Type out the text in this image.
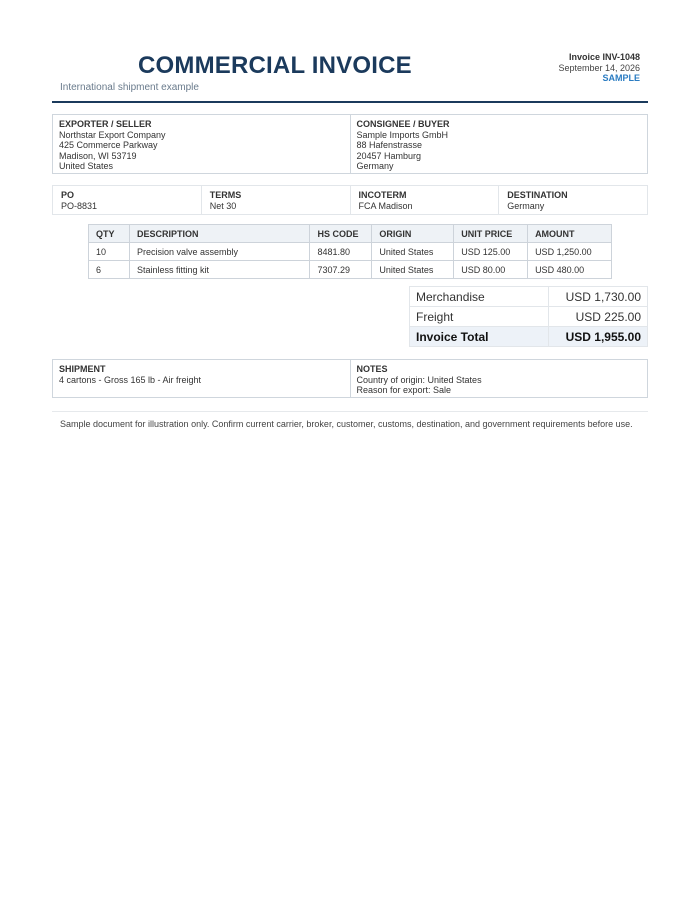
COMMERCIAL INVOICE
International shipment example
Invoice INV-1048
September 14, 2026
SAMPLE
EXPORTER / SELLER
Northstar Export Company
425 Commerce Parkway
Madison, WI 53719
United States
CONSIGNEE / BUYER
Sample Imports GmbH
88 Hafenstrasse
20457 Hamburg
Germany
PO
PO-8831
TERMS
Net 30
INCOTERM
FCA Madison
DESTINATION
Germany
QTY	DESCRIPTION	HS CODE	ORIGIN	UNIT PRICE	AMOUNT
10	Precision valve assembly	8481.80	United States	USD 125.00	USD 1,250.00
6	Stainless fitting kit	7307.29	United States	USD 80.00	USD 480.00
Merchandise	USD 1,730.00
Freight	USD 225.00
Invoice Total	USD 1,955.00
SHIPMENT
4 cartons - Gross 165 lb - Air freight
NOTES
Country of origin: United States
Reason for export: Sale
Sample document for illustration only. Confirm current carrier, broker, customer, customs, destination, and government requirements before use.
